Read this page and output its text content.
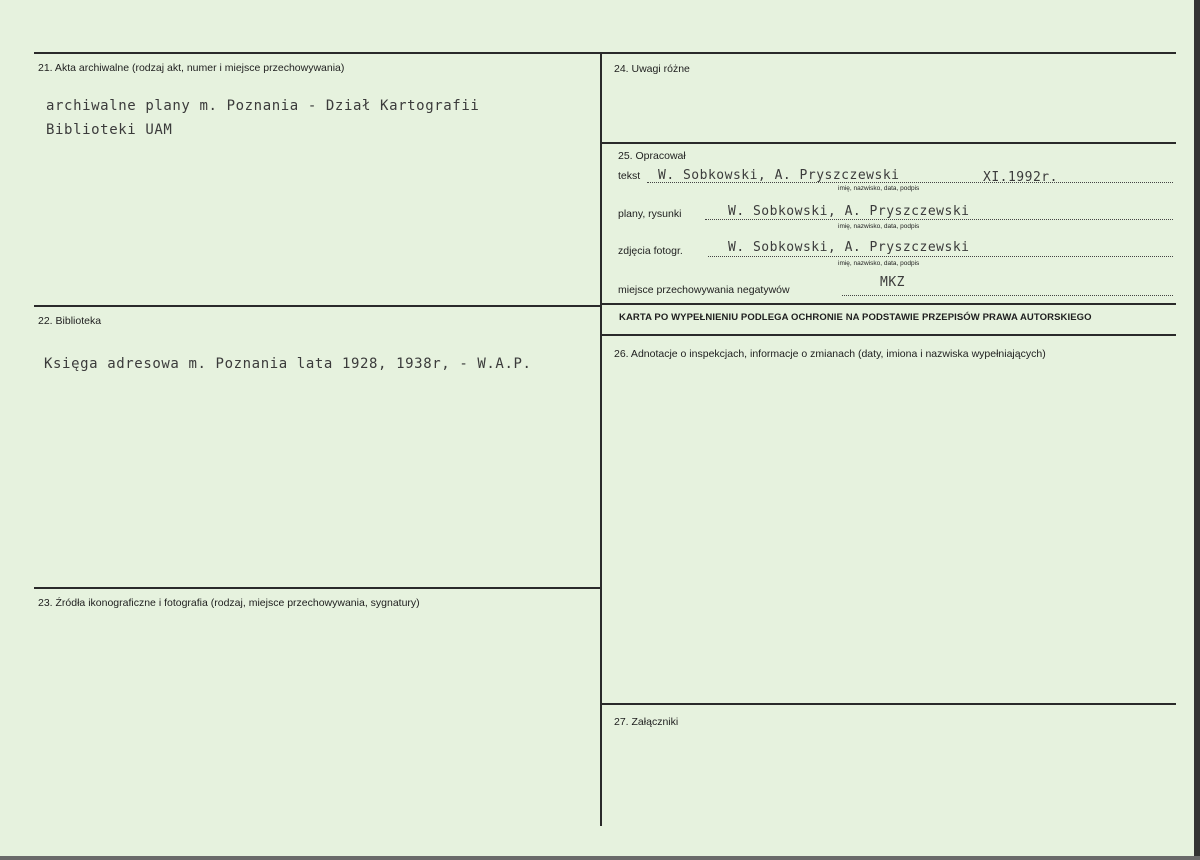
21. Akta archiwalne (rodzaj akt, numer i miejsce przechowywania)
archiwalne plany m. Poznania - Dział Kartografii
Biblioteki UAM
22. Biblioteka
Księga adresowa m. Poznania lata 1928, 1938r, - W.A.P.
23. Źródła ikonograficzne i fotografia (rodzaj, miejsce przechowywania, sygnatury)
24. Uwagi różne
25. Opracował
tekst W. Sobkowski, A. Pryszczewski	XI.1992r.
imię, nazwisko, data, podpis
plany, rysunki	W. Sobkowski, A. Pryszczewski
imię, nazwisko, data, podpis
zdjęcia fotogr.	W. Sobkowski, A. Pryszczewski
imię, nazwisko, data, podpis
miejsce przechowywania negatywów	MKZ
KARTA PO WYPEŁNIENIU PODLEGA OCHRONIE NA PODSTAWIE PRZEPISÓW PRAWA AUTORSKIEGO
26. Adnotacje o inspekcjach, informacje o zmianach (daty, imiona i nazwiska wypełniających)
27. Załączniki
